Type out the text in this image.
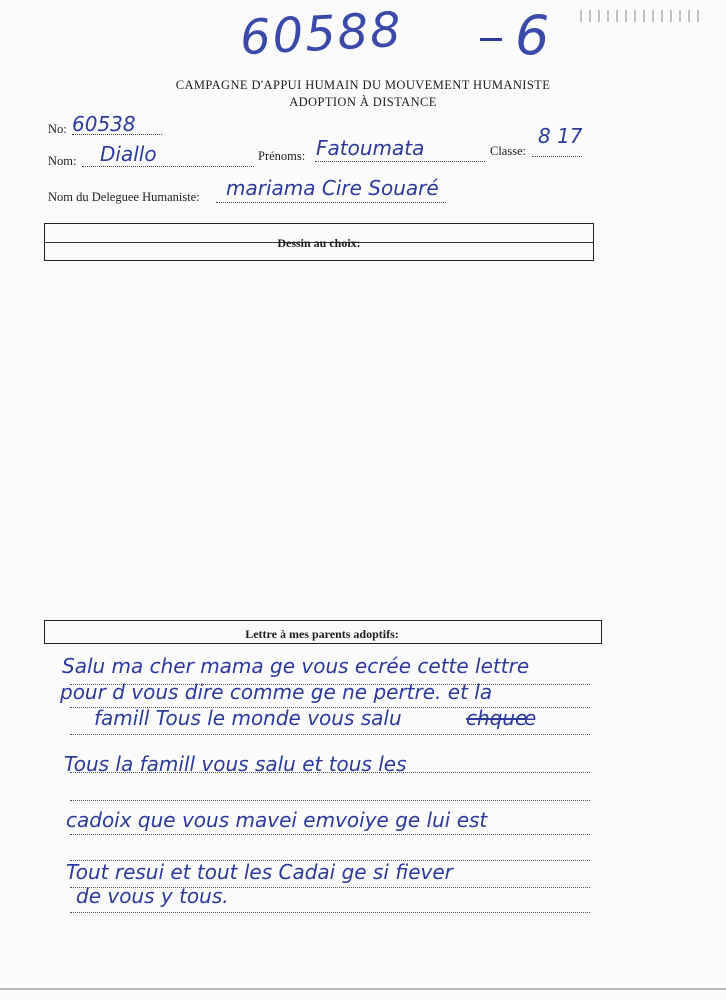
60588 6
CAMPAGNE D'APPUI HUMAIN DU MOUVEMENT HUMANISTE
ADOPTION À DISTANCE
No: 60538
Nom: Diallo	Prénoms: Fatoumata	Classe:
8 17
Nom du Deleguee Humaniste: mariama Cire Souaré
Dessin au choix:
Lettre à mes parents adoptifs:
Salu ma cher mama ge vous ecrée cette lettre
pour d vous dire comme ge ne pertre. et la
famill Tous le monde vous salu	chque
e
Tous la famill vous salu et tous les
cadoix que vous mavei emvoiye ge lui est
Tout resui et tout les Cadai ge si fiever
de vous y tous.
